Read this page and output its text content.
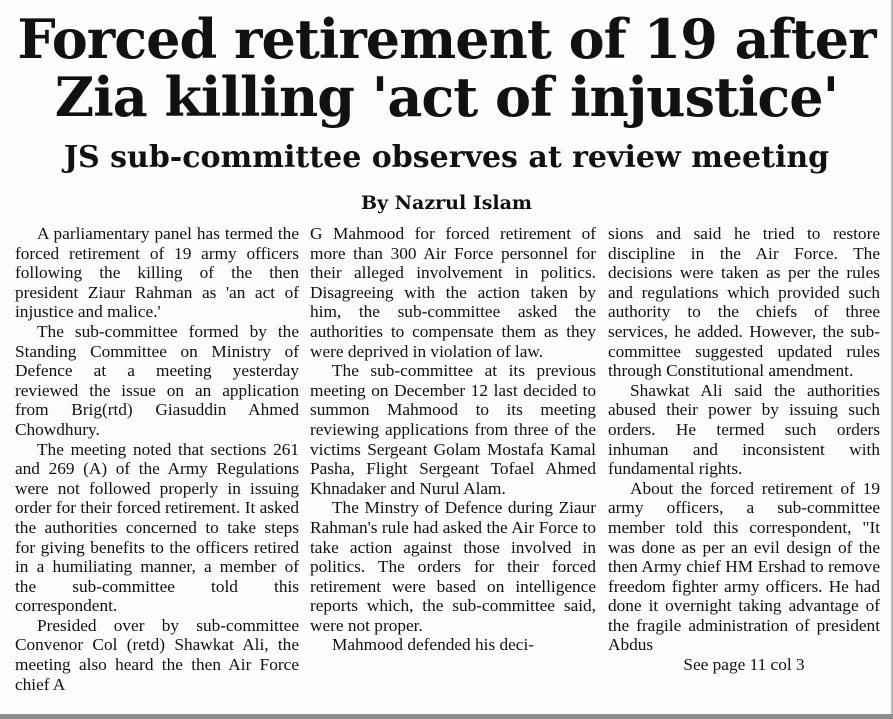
Forced retirement of 19 after
Zia killing 'act of injustice'
JS sub-committee observes at review meeting
By Nazrul Islam

A parliamentary panel has termed the forced retirement of 19 army officers following the killing of the then president Ziaur Rahman as 'an act of injustice and malice.'

The sub-committee formed by the Standing Committee on Ministry of Defence at a meeting yesterday reviewed the issue on an application from Brig(rtd) Giasuddin Ahmed Chowdhury.

The meeting noted that sections 261 and 269 (A) of the Army Regulations were not followed properly in issuing order for their forced retirement. It asked the authorities concerned to take steps for giving benefits to the officers retired in a humiliating manner, a member of the sub-committee told this correspondent.

Presided over by sub-committee Convenor Col (retd) Shawkat Ali, the meeting also heard the then Air Force chief A

G Mahmood for forced retirement of more than 300 Air Force personnel for their alleged involvement in politics. Disagreeing with the action taken by him, the sub-committee asked the authorities to compensate them as they were deprived in violation of law.

The sub-committee at its previous meeting on December 12 last decided to summon Mahmood to its meeting reviewing applications from three of the victims Sergeant Golam Mostafa Kamal Pasha, Flight Sergeant Tofael Ahmed Khnadaker and Nurul Alam.

The Minstry of Defence during Ziaur Rahman's rule had asked the Air Force to take action against those involved in politics. The orders for their forced retirement were based on intelligence reports which, the sub-committee said, were not proper.

Mahmood defended his deci-

sions and said he tried to restore discipline in the Air Force. The decisions were taken as per the rules and regulations which provided such authority to the chiefs of three services, he added. However, the sub-committee suggested updated rules through Constitutional amendment.

Shawkat Ali said the authorities abused their power by issuing such orders. He termed such orders inhuman and inconsistent with fundamental rights.

About the forced retirement of 19 army officers, a sub-committee member told this correspondent, "It was done as per an evil design of the then Army chief HM Ershad to remove freedom fighter army officers. He had done it overnight taking advantage of the fragile administration of president Abdus

See page 11 col 3
